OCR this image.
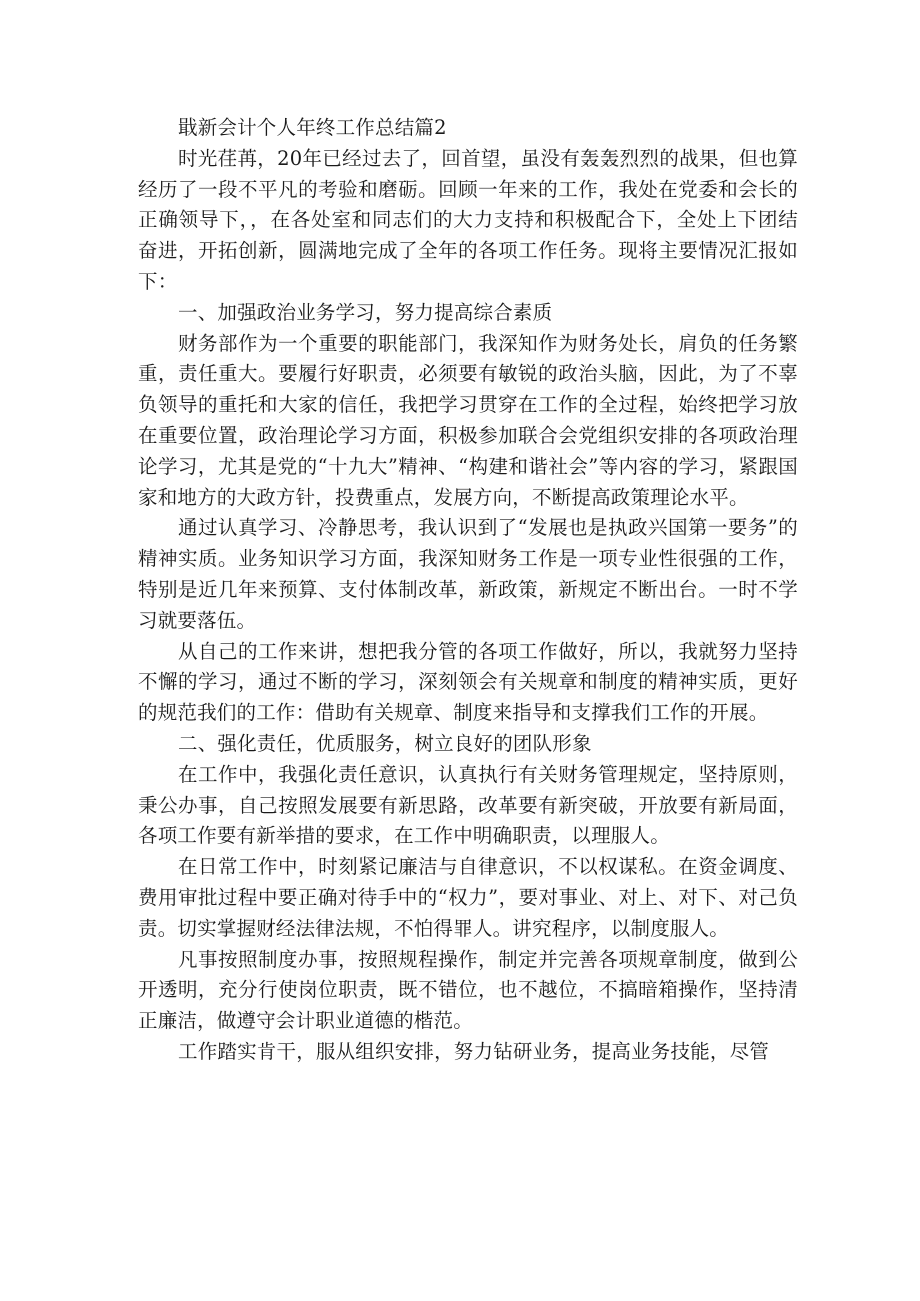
戢新会计个人年终工作总结篇2

时光荏苒，20年已经过去了，回首望，虽没有轰轰烈烈的战果，但也算经历了一段不平凡的考验和磨砺。回顾一年来的工作，我处在党委和会长的正确领导下，，在各处室和同志们的大力支持和积极配合下，全处上下团结奋进，开拓创新，圆满地完成了全年的各项工作任务。现将主要情况汇报如下：

一、加强政治业务学习，努力提高综合素质

财务部作为一个重要的职能部门，我深知作为财务处长，肩负的任务繁重，责任重大。要履行好职责，必须要有敏锐的政治头脑，因此，为了不辜负领导的重托和大家的信任，我把学习贯穿在工作的全过程，始终把学习放在重要位置，政治理论学习方面，积极参加联合会党组织安排的各项政治理论学习，尤其是党的“十九大”精神、“构建和谐社会”等内容的学习，紧跟国家和地方的大政方针，投费重点，发展方向，不断提高政策理论水平。

通过认真学习、冷静思考，我认识到了“发展也是执政兴国第一要务”的精神实质。业务知识学习方面，我深知财务工作是一项专业性很强的工作，特别是近几年来预算、支付体制改革，新政策，新规定不断出台。一时不学习就要落伍。

从自己的工作来讲，想把我分管的各项工作做好，所以，我就努力坚持不懈的学习，通过不断的学习，深刻领会有关规章和制度的精神实质，更好的规范我们的工作：借助有关规章、制度来指导和支撑我们工作的开展。

二、强化责任，优质服务，树立良好的团队形象

在工作中，我强化责任意识，认真执行有关财务管理规定，坚持原则，秉公办事，自己按照发展要有新思路，改革要有新突破，开放要有新局面，各项工作要有新举措的要求，在工作中明确职责，以理服人。

在日常工作中，时刻紧记廉洁与自律意识，不以权谋私。在资金调度、费用审批过程中要正确对待手中的“权力”，要对事业、对上、对下、对己负责。切实掌握财经法律法规，不怕得罪人。讲究程序，以制度服人。

凡事按照制度办事，按照规程操作，制定并完善各项规章制度，做到公开透明，充分行使岗位职责，既不错位，也不越位，不搞暗箱操作，坚持清正廉洁，做遵守会计职业道德的楷范。

工作踏实肯干，服从组织安排，努力钻研业务，提高业务技能，尽管
